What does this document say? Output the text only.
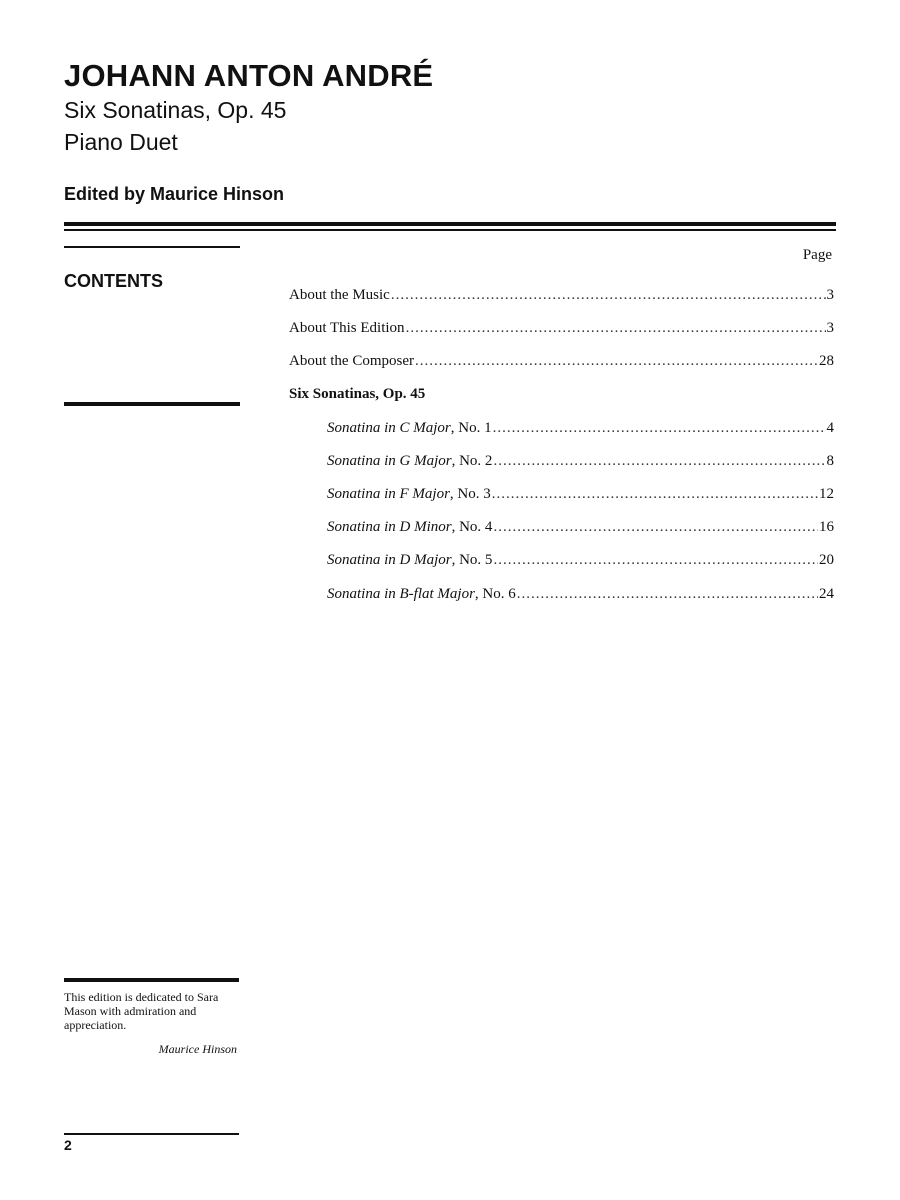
JOHANN ANTON ANDRÉ
Six Sonatinas, Op. 45
Piano Duet
Edited by Maurice Hinson
CONTENTS
Page
About the Music .....	3
About This Edition .....	3
About the Composer .....	28
Six Sonatinas, Op. 45
Sonatina in C Major, No. 1 .....	4
Sonatina in G Major, No. 2 .....	8
Sonatina in F Major, No. 3 .....	12
Sonatina in D Minor, No. 4 .....	16
Sonatina in D Major, No. 5 .....	20
Sonatina in B-flat Major, No. 6 .....	24
This edition is dedicated to Sara Mason with admiration and appreciation.
Maurice Hinson
2
